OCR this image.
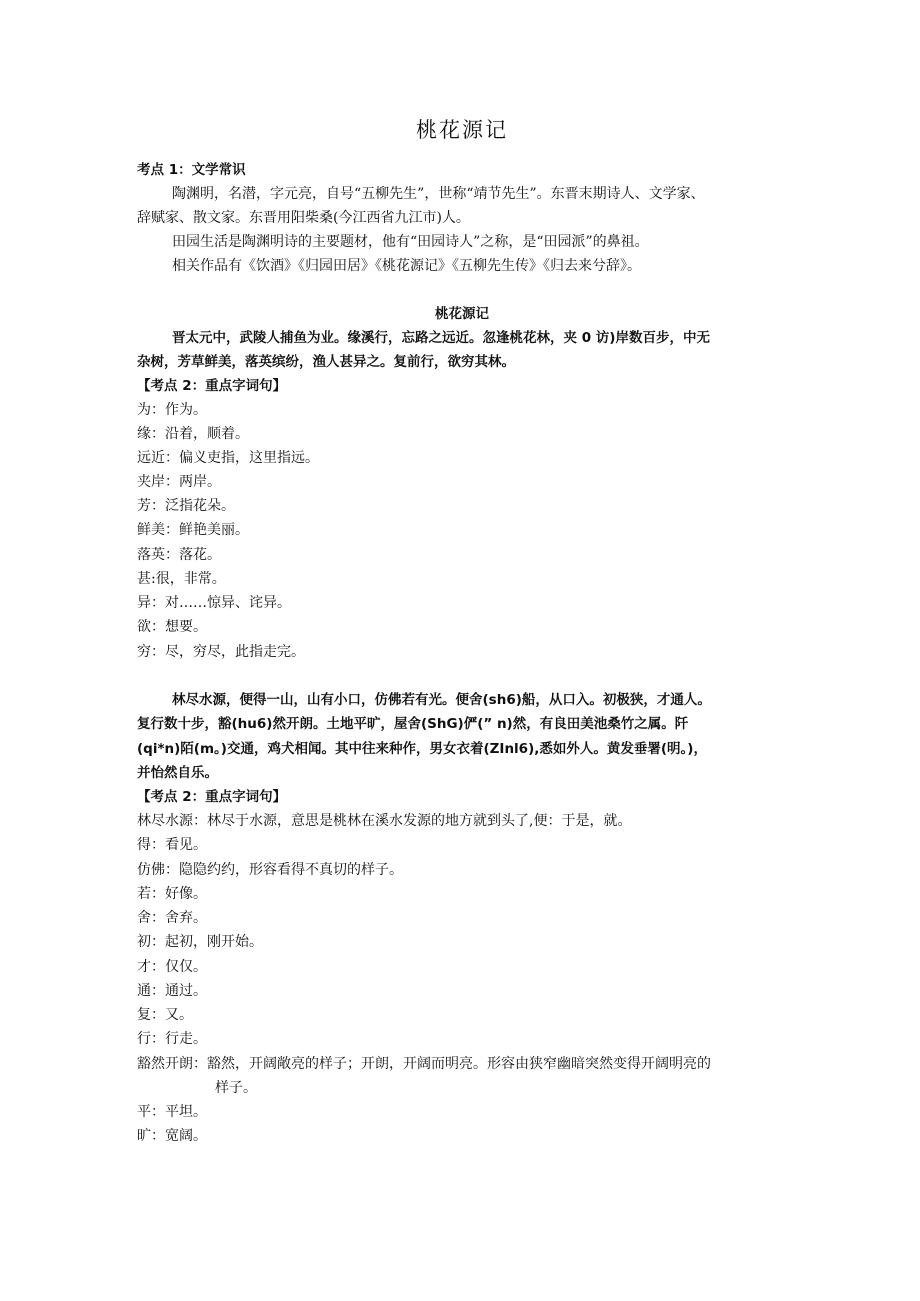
桃花源记
考点 1：文学常识
陶渊明，名潜，字元亮，自号“五柳先生”，世称“靖节先生”。东晋末期诗人、文学家、
辞赋家、散文家。东晋用阳柴桑(今江西省九江市)人。
田园生活是陶渊明诗的主要题材，他有“田园诗人”之称，是“田园派”的鼻祖。
相关作品有《饮酒》《归园田居》《桃花源记》《五柳先生传》《归去来兮辞》。
桃花源记
晋太元中，武陵人捕鱼为业。缘溪行，忘路之远近。忽逢桃花林，夹 0 访)岸数百步，中无
杂树，芳草鲜美，落英缤纷，渔人甚异之。复前行，欲穷其林。
【考点 2：重点字词句】
为：作为。
缘：沿着，顺着。
远近：偏义吏指，这里指远。
夹岸：两岸。
芳：泛指花朵。
鲜美：鲜艳美丽。
落英：落花。
甚:很，非常。
异：对……惊异、诧异。
欲：想要。
穷：尽，穷尽，此指走完。
林尽水源，便得一山，山有小口，仿佛若有光。便舍(sh6)船，从口入。初极狭，才通人。
复行数十步，豁(hu6)然开朗。土地平旷，屋舍(ShG)俨(” n)然，有良田美池桑竹之属。阡
(qi*n)陌(m。)交通，鸡犬相闻。其中往来种作，男女衣着(ZInl6),悉如外人。黄发垂署(明。)，
并怡然自乐。
【考点 2：重点字词句】
林尽水源：林尽于水源，意思是桃林在溪水发源的地方就到头了,便：于是，就。
得：看见。
仿佛：隐隐约约，形容看得不真切的样子。
若：好像。
舍：舍弃。
初：起初，刚开始。
才：仅仅。
通：通过。
复：又。
行：行走。
豁然开朗：豁然，开阔敞亮的样子；开朗，开阔而明亮。形容由狭窄幽暗突然变得开阔明亮的
样子。
平：平坦。
旷：宽阔。
